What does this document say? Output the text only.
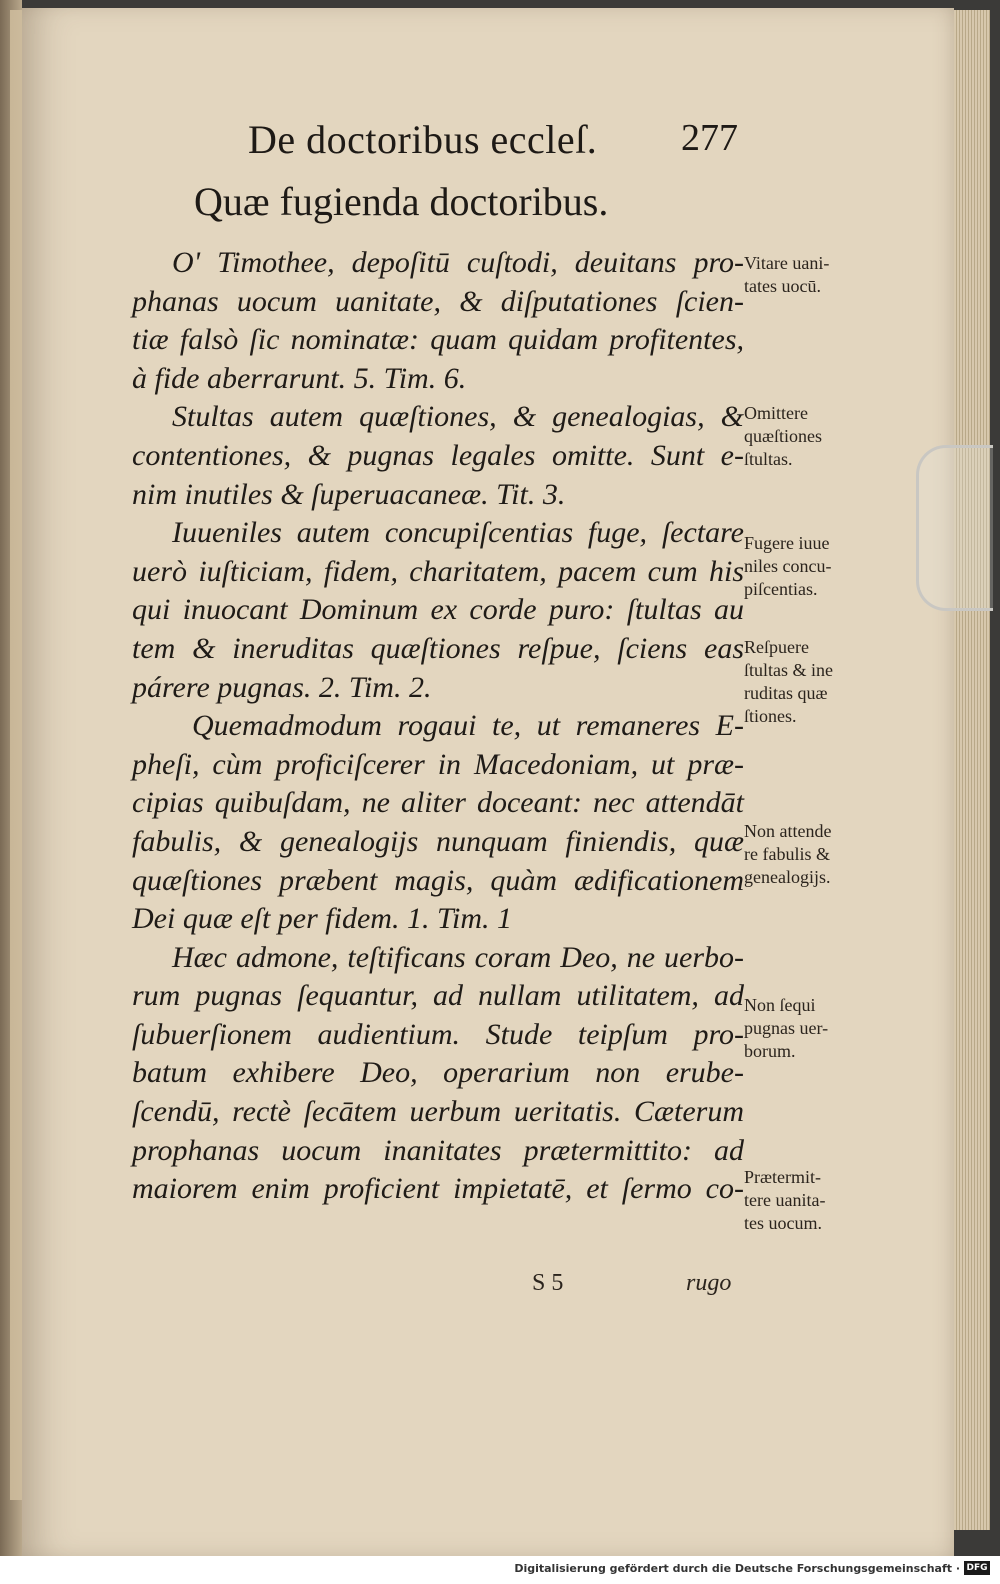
De doctoribus eccleſ. 277
Quæ fugienda doctoribus.

O' Timothee, depoſitū cuſtodi, deuitans pro-
phanas uocum uanitate, & diſputationes ſcien-
tiæ falsò ſic nominatæ: quam quidam profitentes,
à fide aberrarunt. 5. Tim. 6.

Stultas autem quæſtiones, & genealogias, &
contentiones, & pugnas legales omitte. Sunt e-
nim inutiles & ſuperuacaneæ. Tit. 3.

Iuueniles autem concupiſcentias fuge, ſectare
uerò iuſticiam, fidem, charitatem, pacem cum his
qui inuocant Dominum ex corde puro: ſtultas au
tem & ineruditas quæſtiones reſpue, ſciens eas
párere pugnas. 2. Tim. 2.

Quemadmodum rogaui te, ut remaneres E-
pheſi, cùm proficiſcerer in Macedoniam, ut præ-
cipias quibuſdam, ne aliter doceant: nec attendāt
fabulis, & genealogijs nunquam finiendis, quæ
quæſtiones præbent magis, quàm ædificationem
Dei quæ eſt per fidem. 1. Tim. 1

Hæc admone, teſtificans coram Deo, ne uerbo-
rum pugnas ſequantur, ad nullam utilitatem, ad
ſubuerſionem audientium. Stude teipſum pro-
batum exhibere Deo, operarium non erube-
ſcendū, rectè ſecātem uerbum ueritatis. Cæterum
prophanas uocum inanitates prætermittito: ad
maiorem enim proficient impietatē, et ſermo co-

Vitare uani-
tates uocū.
Omittere
quæſtiones
ſtultas.
Fugere iuue
niles concu-
piſcentias.
Reſpuere
ſtultas & ine
ruditas quæ
ſtiones.
Non attende
re fabulis &
genealogijs.
Non ſequi
pugnas uer-
borum.
Prætermit-
tere uanita-
tes uocum.
S 5	rugo
Digitalisierung gefördert durch die Deutsche Forschungsgemeinschaft · DFG
